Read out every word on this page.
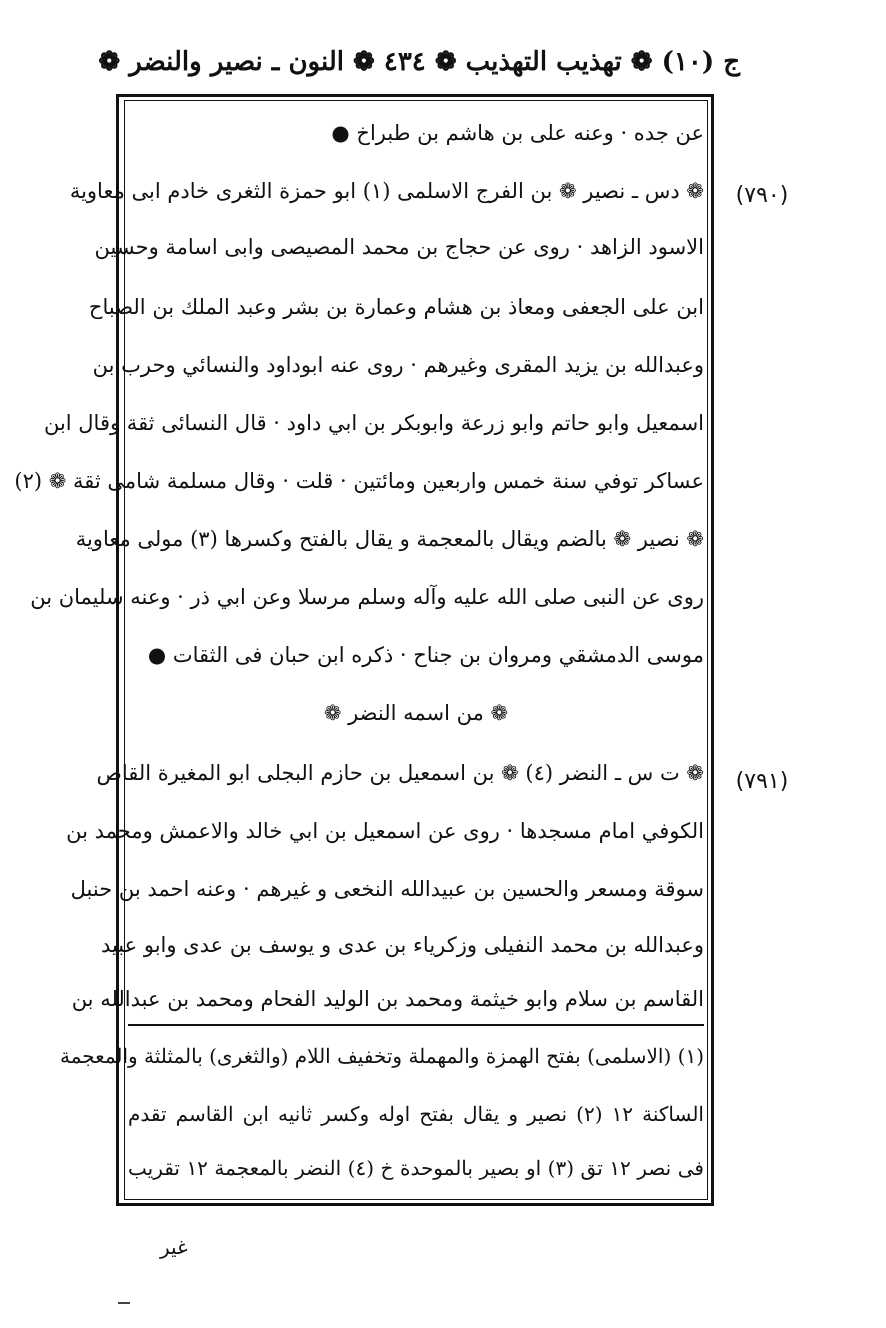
ج (١٠) ❁ تهذيب التهذيب ❁ ٤٣٤ ❁ النون ـ نصير والنضر ❁
(٧٩٠)
(٧٩١)
عن جده · وعنه على بن هاشم بن طبراخ ●
❁ دس ـ نصير ❁ بن الفرج الاسلمى (١) ابو حمزة الثغرى خادم ابى معاوية
الاسود الزاهد · روى عن حجاج بن محمد المصيصى وابى اسامة وحسين
ابن على الجعفى ومعاذ بن هشام وعمارة بن بشر وعبد الملك بن الصباح
وعبدالله بن يزيد المقرى وغيرهم · روى عنه ابوداود والنسائي وحرب بن
اسمعيل وابو حاتم وابو زرعة وابوبكر بن ابي داود · قال النسائى ثقة وقال ابن
عساكر توفي سنة خمس واربعين ومائتين · قلت · وقال مسلمة شامى ثقة ❁ (٢)
❁ نصير ❁ بالضم ويقال بالمعجمة و يقال بالفتح وكسرها (٣) مولى معاوية
روى عن النبى صلى الله عليه وآله وسلم مرسلا وعن ابي ذر · وعنه سليمان بن
موسى الدمشقي ومروان بن جناح · ذكره ابن حبان فى الثقات ●
❁ من اسمه النضر ❁
❁ ت س ـ النضر (٤) ❁ بن اسمعيل بن حازم البجلى ابو المغيرة القاص
الكوفي امام مسجدها · روى عن اسمعيل بن ابي خالد والاعمش ومحمد بن
سوقة ومسعر والحسين بن عبيدالله النخعى و غيرهم · وعنه احمد بن حنبل
وعبدالله بن محمد النفيلى وزكرياء بن عدى و يوسف بن عدى وابو عبيد
القاسم بن سلام وابو خيثمة ومحمد بن الوليد الفحام ومحمد بن عبدالله بن
(١) (الاسلمى) بفتح الهمزة والمهملة وتخفيف اللام (والثغرى) بالمثلثة والمعجمة
الساكنة ١٢ (٢) نصير و يقال بفتح اوله وكسر ثانيه ابن القاسم تقدم
فى نصر ١٢ تق (٣) او بصير بالموحدة خ (٤) النضر بالمعجمة ١٢ تقريب
غير
